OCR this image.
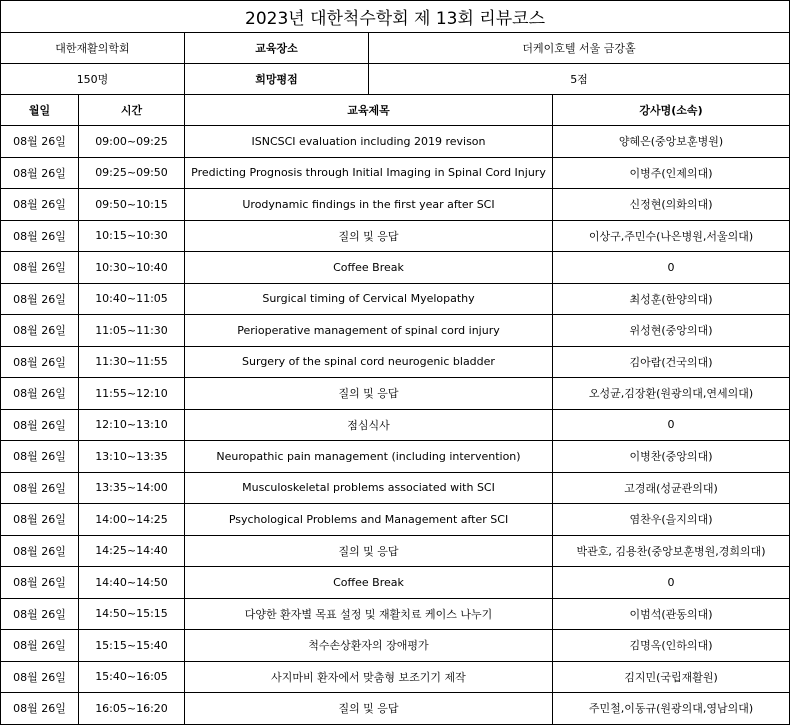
2023년 대한척수학회 제 13회 리뷰코스				
대한재활의학회		교육장소	더케이호텔 서울 금강홀	
150명		희망평점	5점	
월일	시간	교육제목		강사명(소속)
08월 26일	09:00~09:25	ISNCSCI evaluation including 2019 revison		양혜은(중앙보훈병원)
08월 26일	09:25~09:50	Predicting Prognosis through Initial Imaging in Spinal Cord Injury		이병주(인제의대)
08월 26일	09:50~10:15	Urodynamic findings in the first year after SCI		신정현(의화의대)
08월 26일	10:15~10:30	질의 및 응답		이상구,주민수(나은병원,서울의대)
08월 26일	10:30~10:40	Coffee Break		0
08월 26일	10:40~11:05	Surgical timing of Cervical Myelopathy		최성훈(한양의대)
08월 26일	11:05~11:30	Perioperative management of spinal cord injury		위성현(중앙의대)
08월 26일	11:30~11:55	Surgery of the spinal cord neurogenic bladder		김아람(건국의대)
08월 26일	11:55~12:10	질의 및 응답		오성균,김장환(원광의대,연세의대)
08월 26일	12:10~13:10	점심식사		0
08월 26일	13:10~13:35	Neuropathic pain management (including intervention)		이병찬(중앙의대)
08월 26일	13:35~14:00	Musculoskeletal problems associated with SCI		고경래(성균관의대)
08월 26일	14:00~14:25	Psychological Problems and Management after SCI		염찬우(을지의대)
08월 26일	14:25~14:40	질의 및 응답		박관호, 김용찬(중앙보훈병원,경희의대)
08월 26일	14:40~14:50	Coffee Break		0
08월 26일	14:50~15:15	다양한 환자별 목표 설정 및 재활치료 케이스 나누기		이범석(관동의대)
08월 26일	15:15~15:40	척수손상환자의 장애평가		김명옥(인하의대)
08월 26일	15:40~16:05	사지마비 환자에서 맞춤형 보조기기 제작		김지민(국립재활원)
08월 26일	16:05~16:20	질의 및 응답		주민철,이동규(원광의대,영남의대)
